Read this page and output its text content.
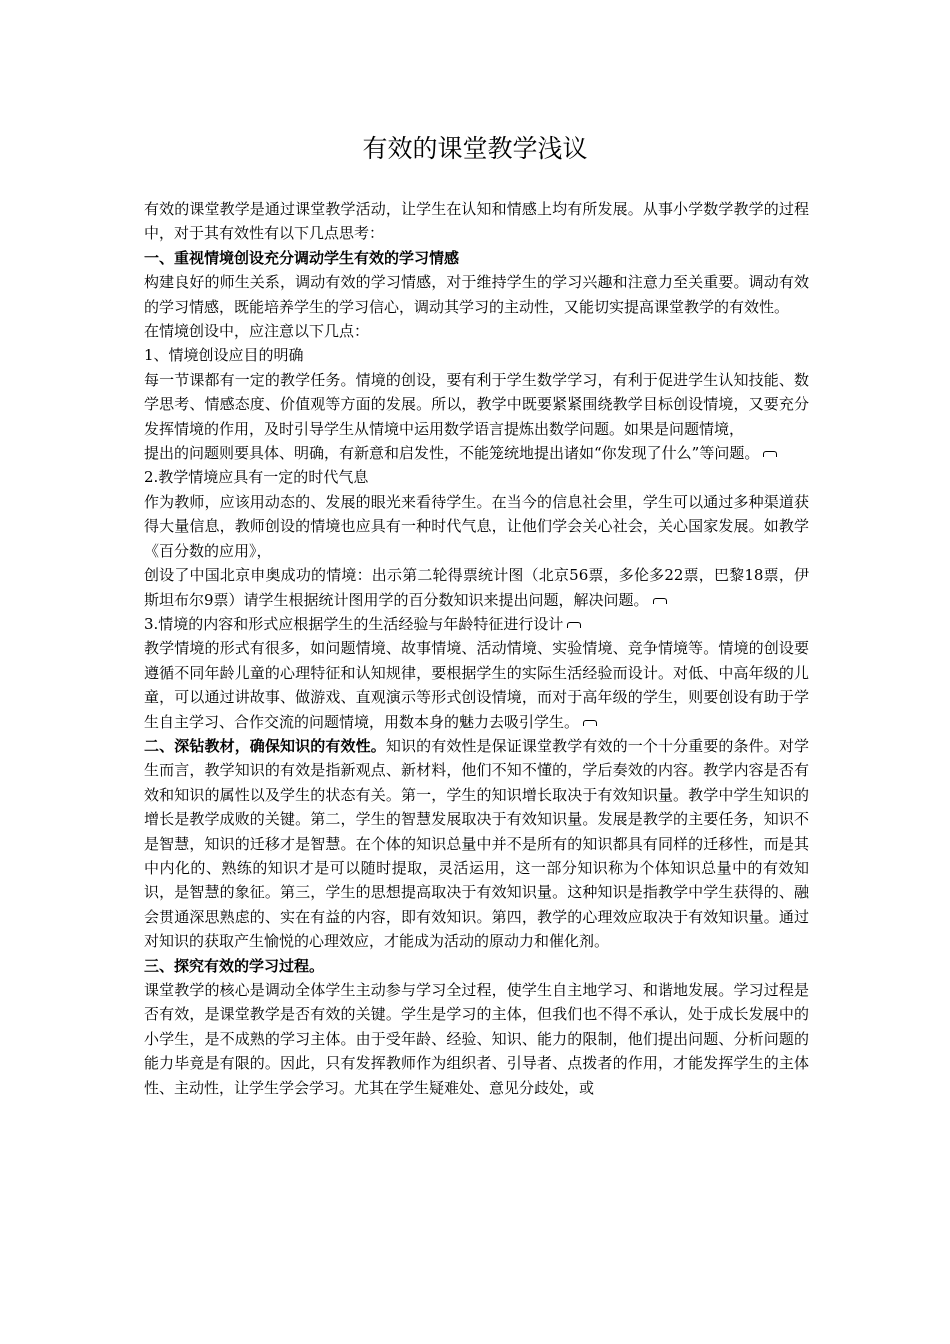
有效的课堂教学浅议

有效的课堂教学是通过课堂教学活动，让学生在认知和情感上均有所发展。从事小学数学教学的过程中，对于其有效性有以下几点思考：

一、重视情境创设充分调动学生有效的学习情感

构建良好的师生关系，调动有效的学习情感，对于维持学生的学习兴趣和注意力至关重要。调动有效的学习情感，既能培养学生的学习信心，调动其学习的主动性，又能切实提高课堂教学的有效性。

在情境创设中，应注意以下几点：

1、情境创设应目的明确

每一节课都有一定的教学任务。情境的创设，要有利于学生数学学习，有利于促进学生认知技能、数学思考、情感态度、价值观等方面的发展。所以，教学中既要紧紧围绕教学目标创设情境，又要充分发挥情境的作用，及时引导学生从情境中运用数学语言提炼出数学问题。如果是问题情境，

提出的问题则要具体、明确，有新意和启发性，不能笼统地提出诸如“你发现了什么”等问题。

2.教学情境应具有一定的时代气息

作为教师，应该用动态的、发展的眼光来看待学生。在当今的信息社会里，学生可以通过多种渠道获得大量信息，教师创设的情境也应具有一种时代气息，让他们学会关心社会，关心国家发展。如教学《百分数的应用》，

创设了中国北京申奥成功的情境：出示第二轮得票统计图（北京56票，多伦多22票，巴黎18票，伊斯坦布尔9票）请学生根据统计图用学的百分数知识来提出问题，解决问题。

3.情境的内容和形式应根据学生的生活经验与年龄特征进行设计

教学情境的形式有很多，如问题情境、故事情境、活动情境、实验情境、竞争情境等。情境的创设要遵循不同年龄儿童的心理特征和认知规律，要根据学生的实际生活经验而设计。对低、中高年级的儿童，可以通过讲故事、做游戏、直观演示等形式创设情境，而对于高年级的学生，则要创设有助于学生自主学习、合作交流的问题情境，用数本身的魅力去吸引学生。

二、深钻教材，确保知识的有效性。知识的有效性是保证课堂教学有效的一个十分重要的条件。对学生而言，教学知识的有效是指新观点、新材料，他们不知不懂的，学后奏效的内容。教学内容是否有效和知识的属性以及学生的状态有关。第一，学生的知识增长取决于有效知识量。教学中学生知识的增长是教学成败的关键。第二，学生的智慧发展取决于有效知识量。发展是教学的主要任务，知识不是智慧，知识的迁移才是智慧。在个体的知识总量中并不是所有的知识都具有同样的迁移性，而是其中内化的、熟练的知识才是可以随时提取，灵活运用，这一部分知识称为个体知识总量中的有效知识，是智慧的象征。第三，学生的思想提高取决于有效知识量。这种知识是指教学中学生获得的、融会贯通深思熟虑的、实在有益的内容，即有效知识。第四，教学的心理效应取决于有效知识量。通过对知识的获取产生愉悦的心理效应，才能成为活动的原动力和催化剂。

三、探究有效的学习过程。

课堂教学的核心是调动全体学生主动参与学习全过程，使学生自主地学习、和谐地发展。学习过程是否有效，是课堂教学是否有效的关键。学生是学习的主体，但我们也不得不承认，处于成长发展中的小学生，是不成熟的学习主体。由于受年龄、经验、知识、能力的限制，他们提出问题、分析问题的能力毕竟是有限的。因此，只有发挥教师作为组织者、引导者、点拨者的作用，才能发挥学生的主体性、主动性，让学生学会学习。尤其在学生疑难处、意见分歧处，或
